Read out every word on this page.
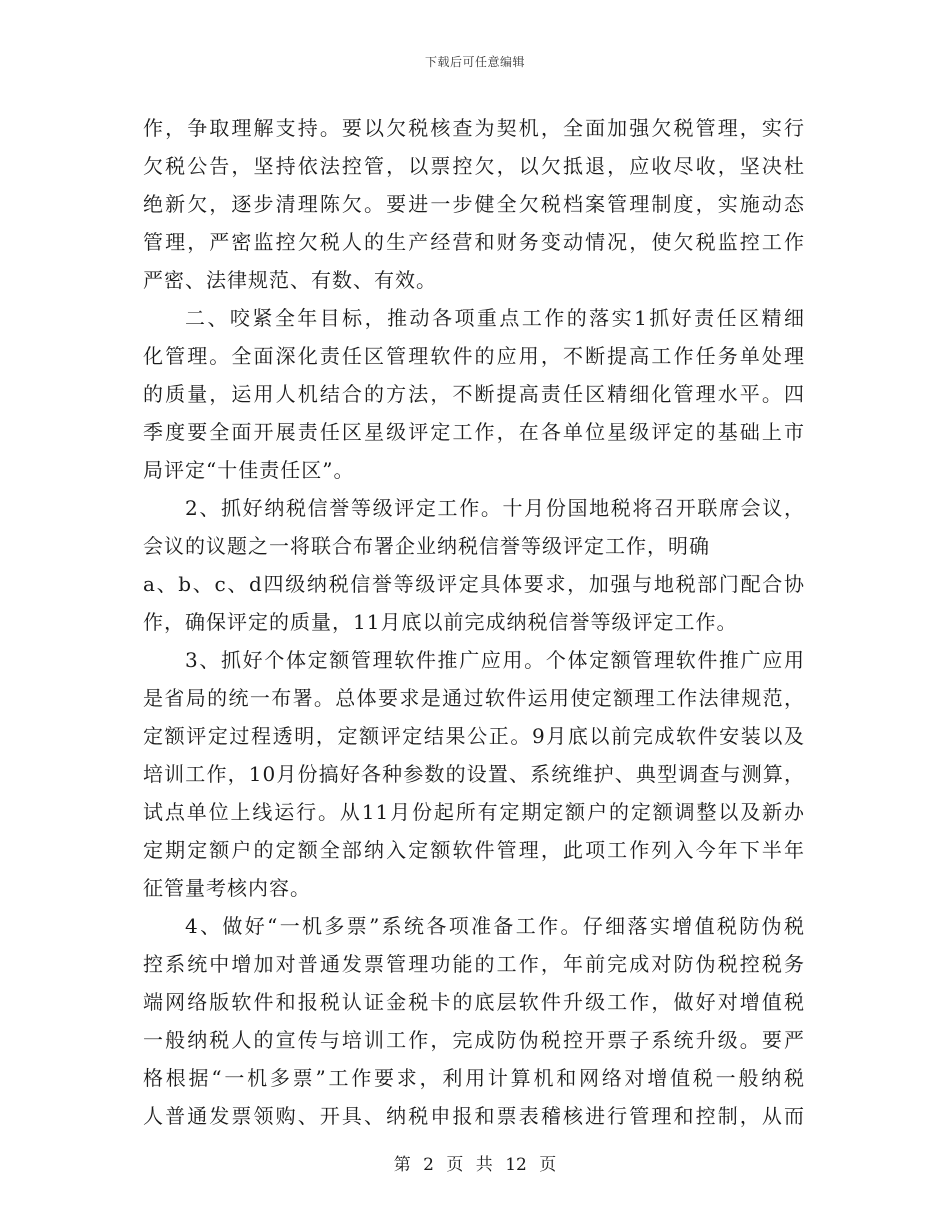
下载后可任意编辑
作，争取理解支持。要以欠税核查为契机，全面加强欠税管理，实行
欠税公告，坚持依法控管，以票控欠，以欠抵退，应收尽收，坚决杜
绝新欠，逐步清理陈欠。要进一步健全欠税档案管理制度，实施动态
管理，严密监控欠税人的生产经营和财务变动情况，使欠税监控工作
严密、法律规范、有数、有效。
二、咬紧全年目标，推动各项重点工作的落实1抓好责任区精细
化管理。全面深化责任区管理软件的应用，不断提高工作任务单处理
的质量，运用人机结合的方法，不断提高责任区精细化管理水平。四
季度要全面开展责任区星级评定工作，在各单位星级评定的基础上市
局评定“十佳责任区”。
2、抓好纳税信誉等级评定工作。十月份国地税将召开联席会议，
会议的议题之一将联合布署企业纳税信誉等级评定工作，明确
a、b、c、d四级纳税信誉等级评定具体要求，加强与地税部门配合协
作，确保评定的质量，11月底以前完成纳税信誉等级评定工作。
3、抓好个体定额管理软件推广应用。个体定额管理软件推广应用
是省局的统一布署。总体要求是通过软件运用使定额理工作法律规范，
定额评定过程透明，定额评定结果公正。9月底以前完成软件安装以及
培训工作，10月份搞好各种参数的设置、系统维护、典型调查与测算，
试点单位上线运行。从11月份起所有定期定额户的定额调整以及新办
定期定额户的定额全部纳入定额软件管理，此项工作列入今年下半年
征管量考核内容。
4、做好“一机多票”系统各项准备工作。仔细落实增值税防伪税
控系统中增加对普通发票管理功能的工作，年前完成对防伪税控税务
端网络版软件和报税认证金税卡的底层软件升级工作，做好对增值税
一般纳税人的宣传与培训工作，完成防伪税控开票子系统升级。要严
格根据“一机多票”工作要求，利用计算机和网络对增值税一般纳税
人普通发票领购、开具、纳税申报和票表稽核进行管理和控制，从而
第 2 页 共 12 页
